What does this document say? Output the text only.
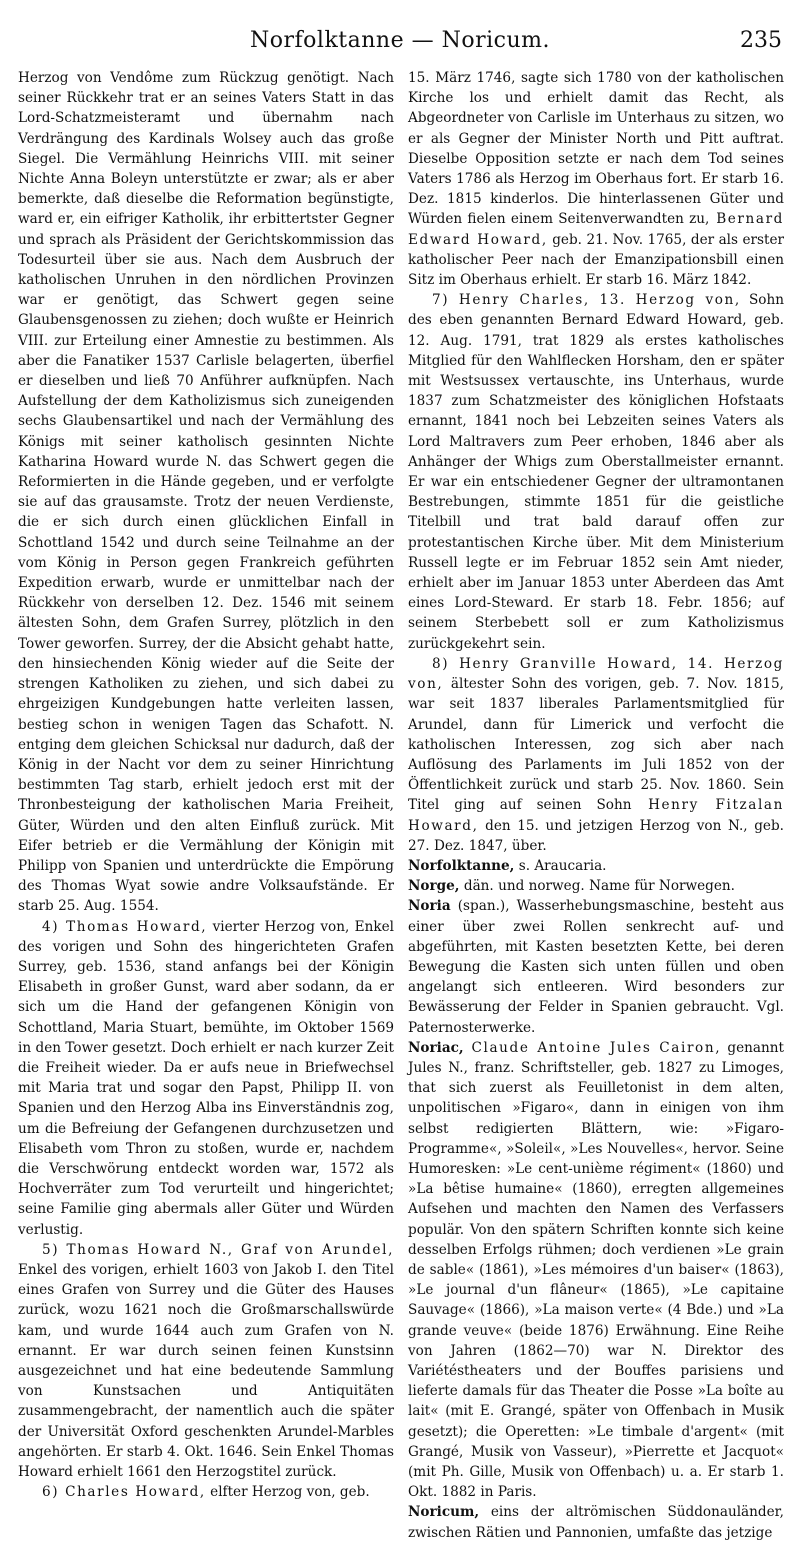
Norfolktanne — Noricum.	235

Herzog von Vendôme zum Rückzug genötigt. Nach seiner Rückkehr trat er an seines Vaters Statt in das Lord-Schatzmeisteramt und übernahm nach Verdrängung des Kardinals Wolsey auch das große Siegel. Die Vermählung Heinrichs VIII. mit seiner Nichte Anna Boleyn unterstützte er zwar; als er aber bemerkte, daß dieselbe die Reformation begünstigte, ward er, ein eifriger Katholik, ihr erbittertster Gegner und sprach als Präsident der Gerichtskommission das Todesurteil über sie aus. Nach dem Ausbruch der katholischen Unruhen in den nördlichen Provinzen war er genötigt, das Schwert gegen seine Glaubensgenossen zu ziehen; doch wußte er Heinrich VIII. zur Erteilung einer Amnestie zu bestimmen. Als aber die Fanatiker 1537 Carlisle belagerten, überfiel er dieselben und ließ 70 Anführer aufknüpfen. Nach Aufstellung der dem Katholizismus sich zuneigenden sechs Glaubensartikel und nach der Vermählung des Königs mit seiner katholisch gesinnten Nichte Katharina Howard wurde N. das Schwert gegen die Reformierten in die Hände gegeben, und er verfolgte sie auf das grausamste. Trotz der neuen Verdienste, die er sich durch einen glücklichen Einfall in Schottland 1542 und durch seine Teilnahme an der vom König in Person gegen Frankreich geführten Expedition erwarb, wurde er unmittelbar nach der Rückkehr von derselben 12. Dez. 1546 mit seinem ältesten Sohn, dem Grafen Surrey, plötzlich in den Tower geworfen. Surrey, der die Absicht gehabt hatte, den hinsiechenden König wieder auf die Seite der strengen Katholiken zu ziehen, und sich dabei zu ehrgeizigen Kundgebungen hatte verleiten lassen, bestieg schon in wenigen Tagen das Schafott. N. entging dem gleichen Schicksal nur dadurch, daß der König in der Nacht vor dem zu seiner Hinrichtung bestimmten Tag starb, erhielt jedoch erst mit der Thronbesteigung der katholischen Maria Freiheit, Güter, Würden und den alten Einfluß zurück. Mit Eifer betrieb er die Vermählung der Königin mit Philipp von Spanien und unterdrückte die Empörung des Thomas Wyat sowie andre Volksaufstände. Er starb 25. Aug. 1554.

4) Thomas Howard, vierter Herzog von, Enkel des vorigen und Sohn des hingerichteten Grafen Surrey, geb. 1536, stand anfangs bei der Königin Elisabeth in großer Gunst, ward aber sodann, da er sich um die Hand der gefangenen Königin von Schottland, Maria Stuart, bemühte, im Oktober 1569 in den Tower gesetzt. Doch erhielt er nach kurzer Zeit die Freiheit wieder. Da er aufs neue in Briefwechsel mit Maria trat und sogar den Papst, Philipp II. von Spanien und den Herzog Alba ins Einverständnis zog, um die Befreiung der Gefangenen durchzusetzen und Elisabeth vom Thron zu stoßen, wurde er, nachdem die Verschwörung entdeckt worden war, 1572 als Hochverräter zum Tod verurteilt und hingerichtet; seine Familie ging abermals aller Güter und Würden verlustig.

5) Thomas Howard N., Graf von Arundel, Enkel des vorigen, erhielt 1603 von Jakob I. den Titel eines Grafen von Surrey und die Güter des Hauses zurück, wozu 1621 noch die Großmarschallswürde kam, und wurde 1644 auch zum Grafen von N. ernannt. Er war durch seinen feinen Kunstsinn ausgezeichnet und hat eine bedeutende Sammlung von Kunstsachen und Antiquitäten zusammengebracht, der namentlich auch die später der Universität Oxford geschenkten Arundel-Marbles angehörten. Er starb 4. Okt. 1646. Sein Enkel Thomas Howard erhielt 1661 den Herzogstitel zurück.

6) Charles Howard, elfter Herzog von, geb.

15. März 1746, sagte sich 1780 von der katholischen Kirche los und erhielt damit das Recht, als Abgeordneter von Carlisle im Unterhaus zu sitzen, wo er als Gegner der Minister North und Pitt auftrat. Dieselbe Opposition setzte er nach dem Tod seines Vaters 1786 als Herzog im Oberhaus fort. Er starb 16. Dez. 1815 kinderlos. Die hinterlassenen Güter und Würden fielen einem Seitenverwandten zu, Bernard Edward Howard, geb. 21. Nov. 1765, der als erster katholischer Peer nach der Emanzipationsbill einen Sitz im Oberhaus erhielt. Er starb 16. März 1842.

7) Henry Charles, 13. Herzog von, Sohn des eben genannten Bernard Edward Howard, geb. 12. Aug. 1791, trat 1829 als erstes katholisches Mitglied für den Wahlflecken Horsham, den er später mit Westsussex vertauschte, ins Unterhaus, wurde 1837 zum Schatzmeister des königlichen Hofstaats ernannt, 1841 noch bei Lebzeiten seines Vaters als Lord Maltravers zum Peer erhoben, 1846 aber als Anhänger der Whigs zum Oberstallmeister ernannt. Er war ein entschiedener Gegner der ultramontanen Bestrebungen, stimmte 1851 für die geistliche Titelbill und trat bald darauf offen zur protestantischen Kirche über. Mit dem Ministerium Russell legte er im Februar 1852 sein Amt nieder, erhielt aber im Januar 1853 unter Aberdeen das Amt eines Lord-Steward. Er starb 18. Febr. 1856; auf seinem Sterbebett soll er zum Katholizismus zurückgekehrt sein.

8) Henry Granville Howard, 14. Herzog von, ältester Sohn des vorigen, geb. 7. Nov. 1815, war seit 1837 liberales Parlamentsmitglied für Arundel, dann für Limerick und verfocht die katholischen Interessen, zog sich aber nach Auflösung des Parlaments im Juli 1852 von der Öffentlichkeit zurück und starb 25. Nov. 1860. Sein Titel ging auf seinen Sohn Henry Fitzalan Howard, den 15. und jetzigen Herzog von N., geb. 27. Dez. 1847, über.

Norfolktanne, s. Araucaria.

Norge, dän. und norweg. Name für Norwegen.

Noria (span.), Wasserhebungsmaschine, besteht aus einer über zwei Rollen senkrecht auf- und abgeführten, mit Kasten besetzten Kette, bei deren Bewegung die Kasten sich unten füllen und oben angelangt sich entleeren. Wird besonders zur Bewässerung der Felder in Spanien gebraucht. Vgl. Paternosterwerke.

Noriac, Claude Antoine Jules Cairon, genannt Jules N., franz. Schriftsteller, geb. 1827 zu Limoges, that sich zuerst als Feuilletonist in dem alten, unpolitischen »Figaro«, dann in einigen von ihm selbst redigierten Blättern, wie: »Figaro-Programme«, »Soleil«, »Les Nouvelles«, hervor. Seine Humoresken: »Le cent-unième régiment« (1860) und »La bêtise humaine« (1860), erregten allgemeines Aufsehen und machten den Namen des Verfassers populär. Von den spätern Schriften konnte sich keine desselben Erfolgs rühmen; doch verdienen »Le grain de sable« (1861), »Les mémoires d'un baiser« (1863), »Le journal d'un flâneur« (1865), »Le capitaine Sauvage« (1866), »La maison verte« (4 Bde.) und »La grande veuve« (beide 1876) Erwähnung. Eine Reihe von Jahren (1862—70) war N. Direktor des Variétéstheaters und der Bouffes parisiens und lieferte damals für das Theater die Posse »La boîte au lait« (mit E. Grangé, später von Offenbach in Musik gesetzt); die Operetten: »Le timbale d'argent« (mit Grangé, Musik von Vasseur), »Pierrette et Jacquot« (mit Ph. Gille, Musik von Offenbach) u. a. Er starb 1. Okt. 1882 in Paris.

Noricum, eins der altrömischen Süddonauländer, zwischen Rätien und Pannonien, umfaßte das jetzige
